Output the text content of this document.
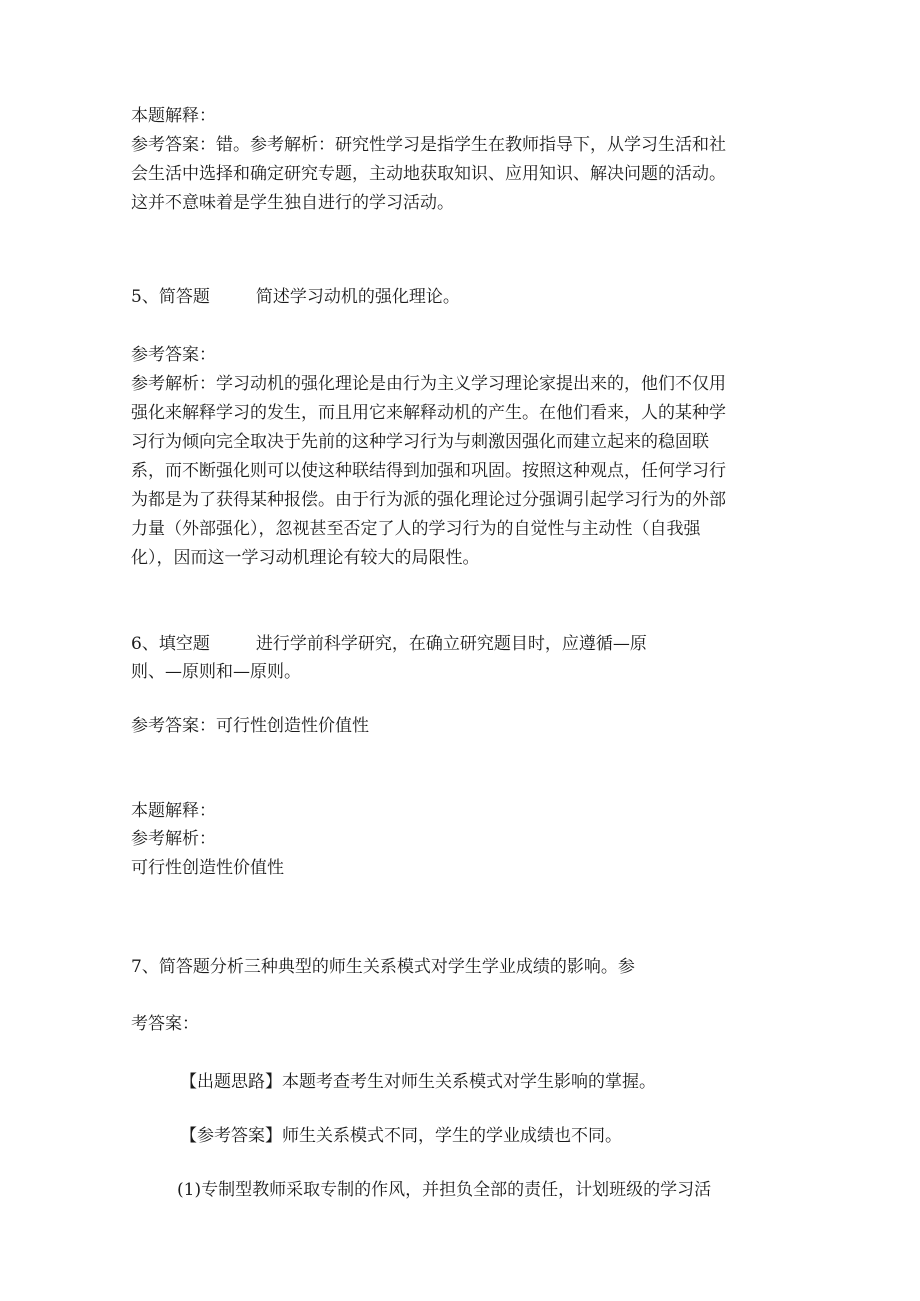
本题解释：
参考答案：错。参考解析：研究性学习是指学生在教师指导下，从学习生活和社
会生活中选择和确定研究专题，主动地获取知识、应用知识、解决问题的活动。
这并不意味着是学生独自进行的学习活动。
5、简答题	简述学习动机的强化理论。
参考答案：
参考解析：学习动机的强化理论是由行为主义学习理论家提出来的，他们不仅用
强化来解释学习的发生，而且用它来解释动机的产生。在他们看来，人的某种学
习行为倾向完全取决于先前的这种学习行为与刺激因强化而建立起来的稳固联
系，而不断强化则可以使这种联结得到加强和巩固。按照这种观点，任何学习行
为都是为了获得某种报偿。由于行为派的强化理论过分强调引起学习行为的外部
力量（外部强化），忽视甚至否定了人的学习行为的自觉性与主动性（自我强
化），因而这一学习动机理论有较大的局限性。
6、填空题	进行学前科学研究，在确立研究题目时，应遵循—原
则、—原则和—原则。
参考答案：可行性创造性价值性
本题解释：
参考解析：
可行性创造性价值性
7、简答题分析三种典型的师生关系模式对学生学业成绩的影响。参
考答案：
【出题思路】本题考查考生对师生关系模式对学生影响的掌握。
【参考答案】师生关系模式不同，学生的学业成绩也不同。
(1)专制型教师采取专制的作风，并担负全部的责任，计划班级的学习活
